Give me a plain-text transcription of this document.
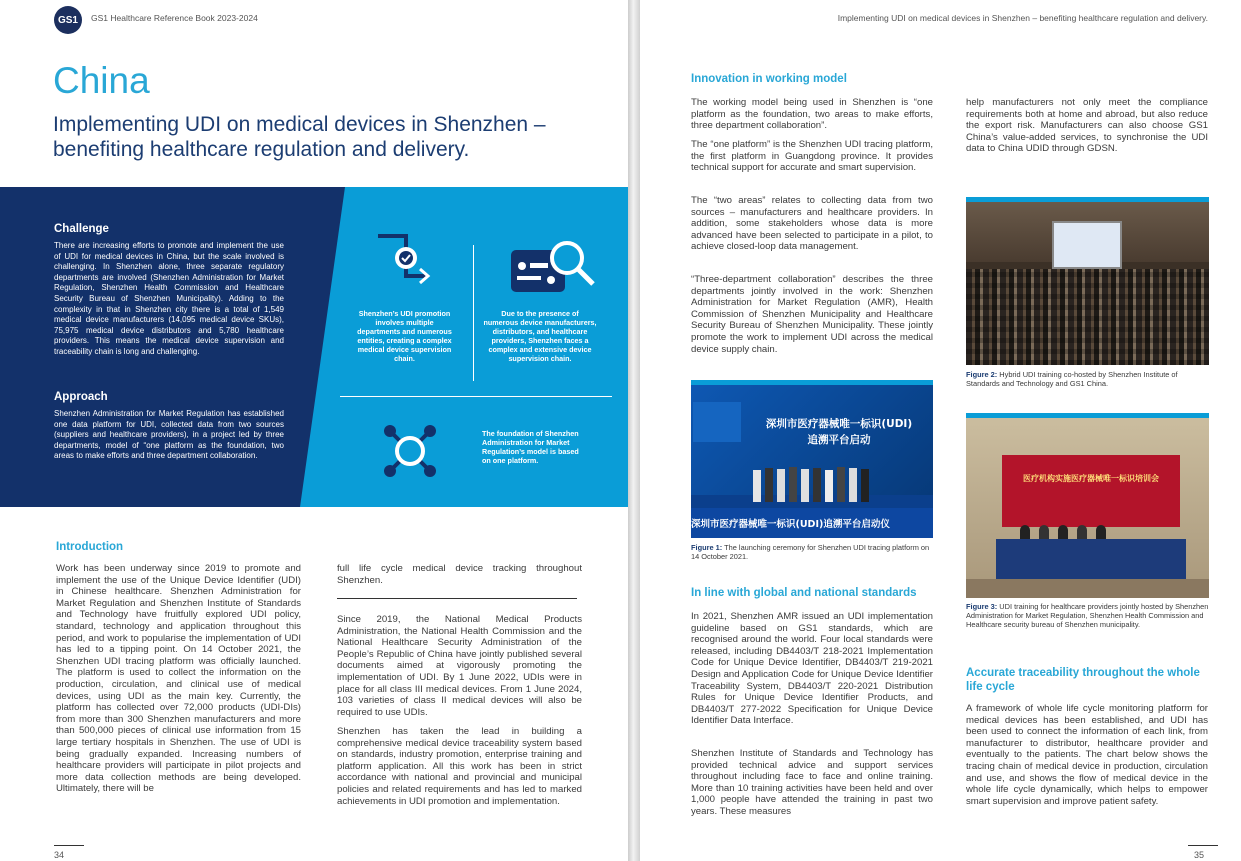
GS1	GS1 Healthcare Reference Book 2023-2024
China
Implementing UDI on medical devices in Shenzhen – benefiting healthcare regulation and delivery.
Challenge
There are increasing efforts to promote and implement the use of UDI for medical devices in China, but the scale involved is challenging. In Shenzhen alone, three separate regulatory departments are involved (Shenzhen Administration for Market Regulation, Shenzhen Health Commission and Healthcare Security Bureau of Shenzhen Municipality). Adding to the complexity in that in Shenzhen city there is a total of 1,549 medical device manufacturers (14,095 medical device SKUs), 75,975 medical device distributors and 5,780 healthcare providers. This means the medical device supervision and traceability chain is long and challenging.
Approach
Shenzhen Administration for Market Regulation has established one data platform for UDI, collected data from two sources (suppliers and healthcare providers), in a project led by three departments, model of “one platform as the foundation, two areas to make efforts and three department collaboration.
Shenzhen’s UDI promotion involves multiple departments and numerous entities, creating a complex medical device supervision chain.
Due to the presence of numerous device manufacturers, distributors, and healthcare providers, Shenzhen faces a complex and extensive device supervision chain.
The foundation of Shenzhen Administration for Market Regulation’s model is based on one platform.
Introduction
Work has been underway since 2019 to promote and implement the use of the Unique Device Identifier (UDI) in Chinese healthcare. Shenzhen Administration for Market Regulation and Shenzhen Institute of Standards and Technology have fruitfully explored UDI policy, standard, technology and application throughout this period, and work to popularise the implementation of UDI has led to a tipping point. On 14 October 2021, the Shenzhen UDI tracing platform was officially launched. The platform is used to collect the information on the production, circulation, and clinical use of medical devices, using UDI as the main key. Currently, the platform has collected over 72,000 products (UDI-DIs) from more than 300 Shenzhen manufacturers and more than 500,000 pieces of clinical use information from 15 large tertiary hospitals in Shenzhen. The use of UDI is being gradually expanded. Increasing numbers of healthcare providers will participate in pilot projects and more data collection methods are being developed. Ultimately, there will be
full life cycle medical device tracking throughout Shenzhen.
Since 2019, the National Medical Products Administration, the National Health Commission and the National Healthcare Security Administration of the People’s Republic of China have jointly published several documents aimed at vigorously promoting the implementation of UDI. By 1 June 2022, UDIs were in place for all class III medical devices. From 1 June 2024, 103 varieties of class II medical devices will also be required to use UDIs.
Shenzhen has taken the lead in building a comprehensive medical device traceability system based on standards, industry promotion, enterprise training and platform application. All this work has been in strict accordance with national and provincial and municipal policies and related requirements and has led to marked achievements in UDI promotion and implementation.
34
Implementing UDI on medical devices in Shenzhen – benefiting healthcare regulation and delivery.
Innovation in working model
The working model being used in Shenzhen is “one platform as the foundation, two areas to make efforts, three department collaboration”.
The “one platform” is the Shenzhen UDI tracing platform, the first platform in Guangdong province. It provides technical support for accurate and smart supervision.
The “two areas” relates to collecting data from two sources – manufacturers and healthcare providers. In addition, some stakeholders whose data is more advanced have been selected to participate in a pilot, to achieve closed-loop data management.
“Three-department collaboration” describes the three departments jointly involved in the work: Shenzhen Administration for Market Regulation (AMR), Health Commission of Shenzhen Municipality and Healthcare Security Bureau of Shenzhen Municipality. These jointly promote the work to implement UDI across the medical device supply chain.
help manufacturers not only meet the compliance requirements both at home and abroad, but also reduce the export risk. Manufacturers can also choose GS1 China’s value-added services, to synchronise the UDI data to China UDID through GDSN.
深圳市医疗器械唯一标识(UDI)
追溯平台启动
深圳市医疗器械唯一标识(UDI)追溯平台启动仪
Figure 1: The launching ceremony for Shenzhen UDI tracing platform on 14 October 2021.
In line with global and national standards
In 2021, Shenzhen AMR issued an UDI implementation guideline based on GS1 standards, which are recognised around the world. Four local standards were released, including DB4403/T 218-2021 Implementation Code for Unique Device Identifier, DB4403/T 219-2021 Design and Application Code for Unique Device Identifier Traceability System, DB4403/T 220-2021 Distribution Rules for Unique Device Identifier Products, and DB4403/T 277-2022 Specification for Unique Device Identifier Data Interface.
Shenzhen Institute of Standards and Technology has provided technical advice and support services throughout including face to face and online training. More than 10 training activities have been held and over 1,000 people have attended the training in past two years. These measures
Figure 2: Hybrid UDI training co-hosted by Shenzhen Institute of Standards and Technology and GS1 China.
医疗机构实施医疗器械唯一标识培训会
Figure 3: UDI training for healthcare providers jointly hosted by Shenzhen Administration for Market Regulation, Shenzhen Health Commission and Healthcare security bureau of Shenzhen municipality.
Accurate traceability throughout the whole life cycle
A framework of whole life cycle monitoring platform for medical devices has been established, and UDI has been used to connect the information of each link, from manufacturer to distributor, healthcare provider and eventually to the patients. The chart below shows the tracing chain of medical device in production, circulation and use, and shows the flow of medical device in the whole life cycle dynamically, which helps to empower smart supervision and improve patient safety.
35
